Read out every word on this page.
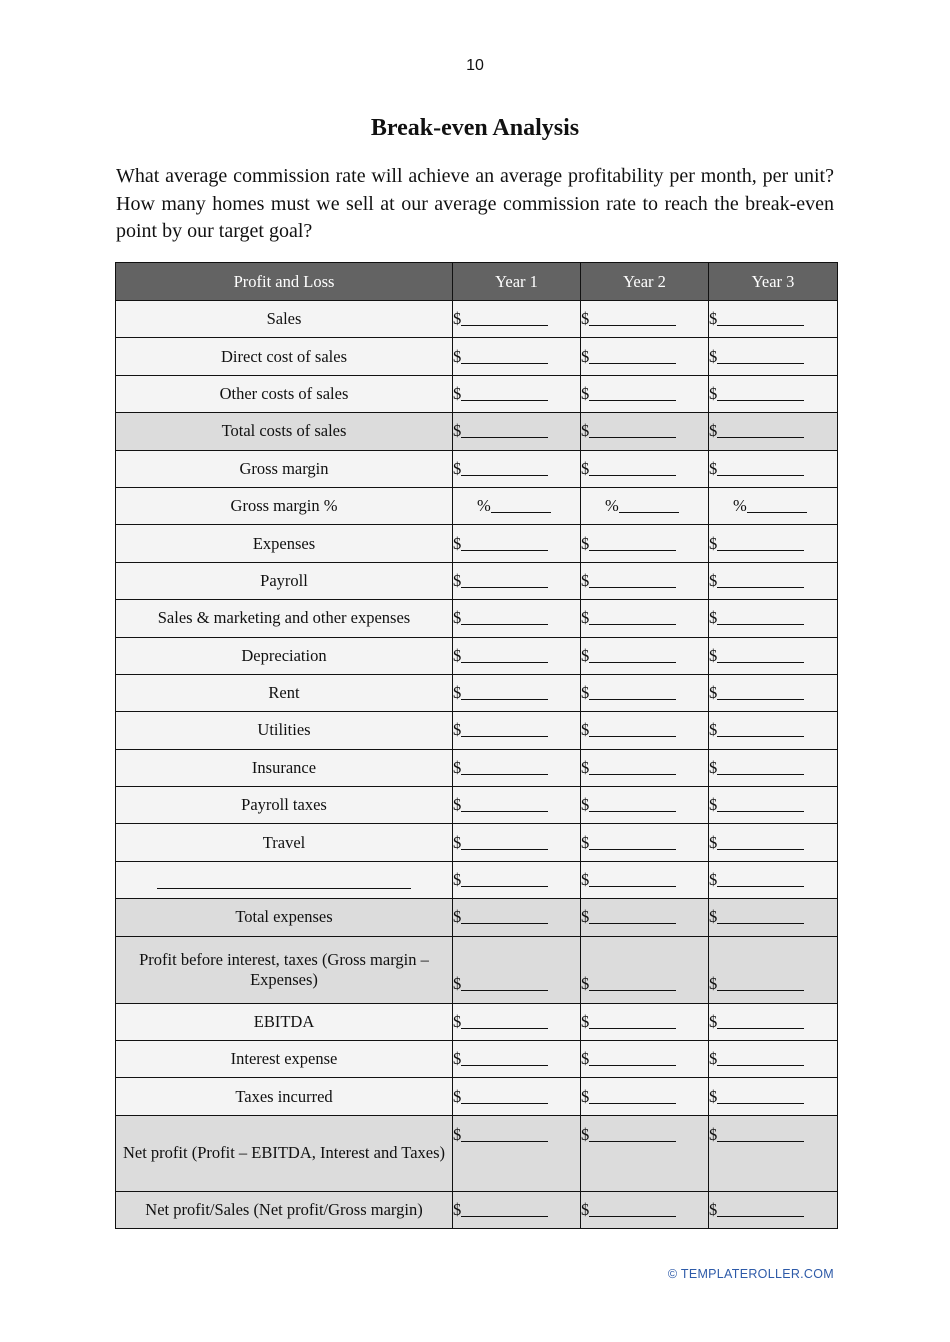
10
Break-even Analysis

What average commission rate will achieve an average profitability per month, per unit? How many homes must we sell at our average commission rate to reach the break-even point by our target goal?

Profit and Loss	Year 1	Year 2	Year 3
Sales	$	$	$
Direct cost of sales	$	$	$
Other costs of sales	$	$	$
Total costs of sales	$	$	$
Gross margin	$	$	$
Gross margin %	%	%	%
Expenses	$	$	$
Payroll	$	$	$
Sales & marketing and other expenses	$	$	$
Depreciation	$	$	$
Rent	$	$	$
Utilities	$	$	$
Insurance	$	$	$
Payroll taxes	$	$	$
Travel	$	$	$
	$	$	$
Total expenses	$	$	$
Profit before interest, taxes (Gross margin – Expenses)	$	$	$
EBITDA	$	$	$
Interest expense	$	$	$
Taxes incurred	$	$	$
Net profit (Profit – EBITDA, Interest and Taxes)	$	$	$
Net profit/Sales (Net profit/Gross margin)	$	$	$
© TEMPLATEROLLER.COM
